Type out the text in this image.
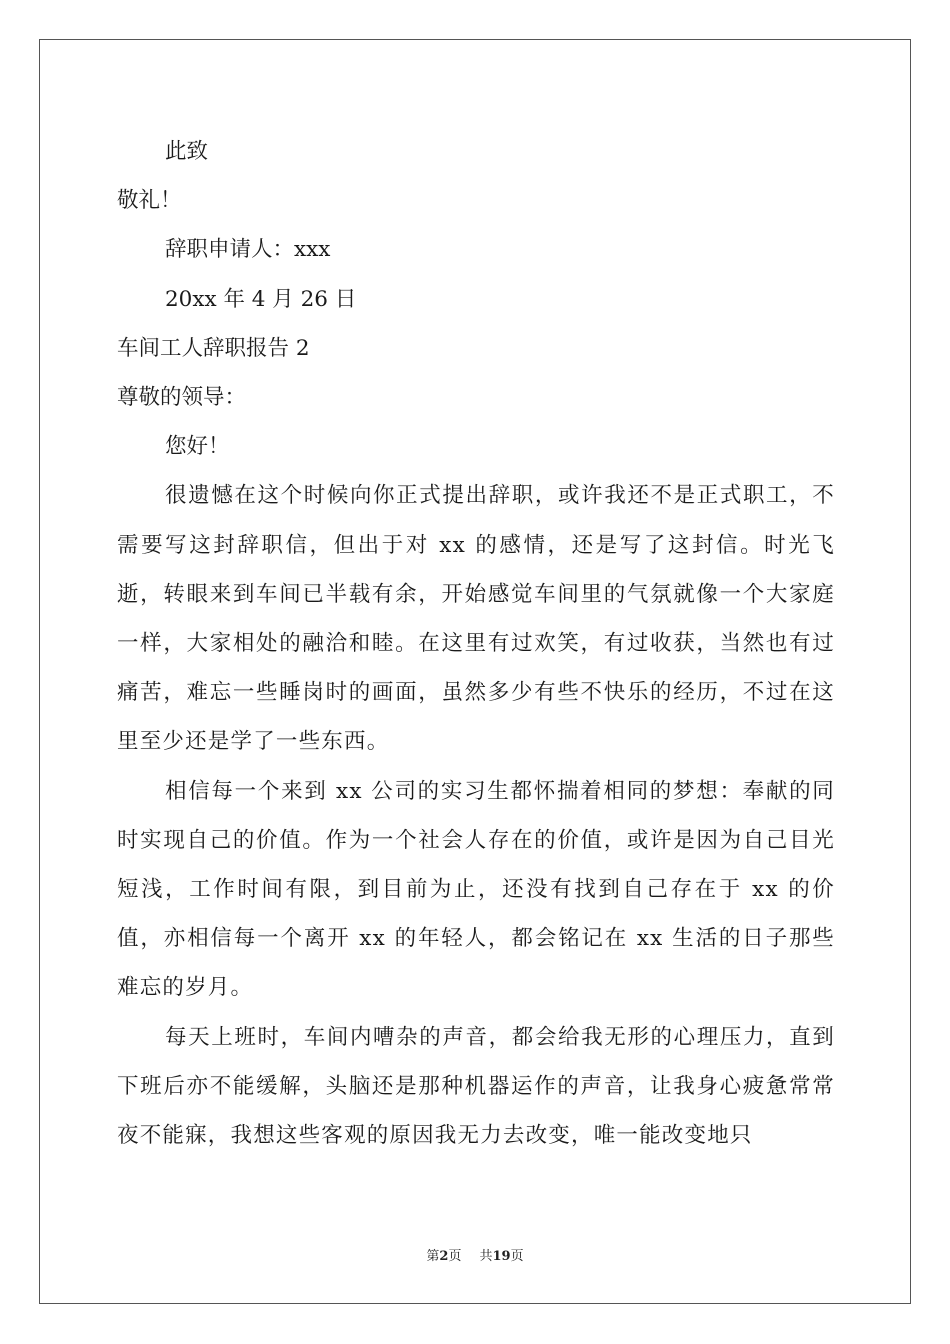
此致

敬礼！

辞职申请人：xxx

20xx 年 4 月 26 日

车间工人辞职报告 2

尊敬的领导：

您好！

很遗憾在这个时候向你正式提出辞职，或许我还不是正式职工，不需要写这封辞职信，但出于对 xx 的感情，还是写了这封信。时光飞逝，转眼来到车间已半载有余，开始感觉车间里的气氛就像一个大家庭一样，大家相处的融洽和睦。在这里有过欢笑，有过收获，当然也有过痛苦，难忘一些睡岗时的画面，虽然多少有些不快乐的经历，不过在这里至少还是学了一些东西。

相信每一个来到 xx 公司的实习生都怀揣着相同的梦想：奉献的同时实现自己的价值。作为一个社会人存在的价值，或许是因为自己目光短浅，工作时间有限，到目前为止，还没有找到自己存在于 xx 的价值，亦相信每一个离开 xx 的年轻人，都会铭记在 xx 生活的日子那些难忘的岁月。

每天上班时，车间内嘈杂的声音，都会给我无形的心理压力，直到下班后亦不能缓解，头脑还是那种机器运作的声音，让我身心疲惫常常夜不能寐，我想这些客观的原因我无力去改变，唯一能改变地只

第2页 共19页
